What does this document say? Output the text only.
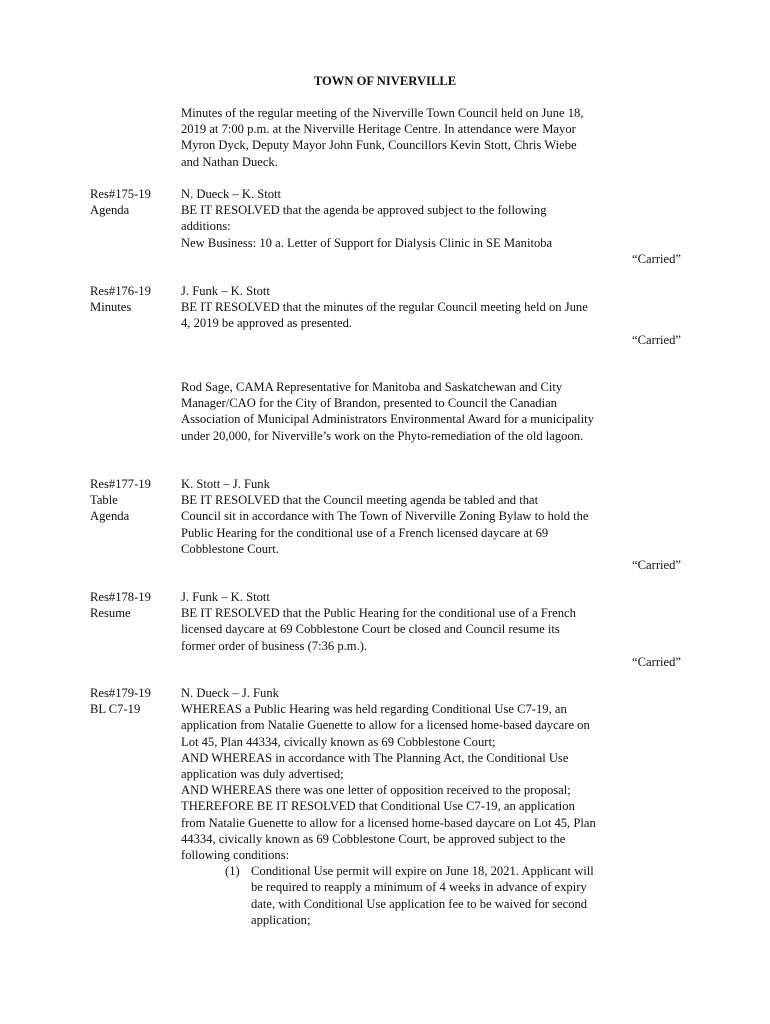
TOWN OF NIVERVILLE
Minutes of the regular meeting of the Niverville Town Council held on June 18,
2019 at 7:00 p.m. at the Niverville Heritage Centre. In attendance were Mayor
Myron Dyck, Deputy Mayor John Funk, Councillors Kevin Stott, Chris Wiebe
and Nathan Dueck.
Res#175-19
Agenda
N. Dueck – K. Stott
BE IT RESOLVED that the agenda be approved subject to the following
additions:
New Business: 10 a. Letter of Support for Dialysis Clinic in SE Manitoba
“Carried”
Res#176-19
Minutes
J. Funk – K. Stott
BE IT RESOLVED that the minutes of the regular Council meeting held on June
4, 2019 be approved as presented.
“Carried”
Rod Sage, CAMA Representative for Manitoba and Saskatchewan and City
Manager/CAO for the City of Brandon, presented to Council the Canadian
Association of Municipal Administrators Environmental Award for a municipality
under 20,000, for Niverville’s work on the Phyto-remediation of the old lagoon.
Res#177-19
Table
Agenda
K. Stott – J. Funk
BE IT RESOLVED that the Council meeting agenda be tabled and that
Council sit in accordance with The Town of Niverville Zoning Bylaw to hold the
Public Hearing for the conditional use of a French licensed daycare at 69
Cobblestone Court.
“Carried”
Res#178-19
Resume
J. Funk – K. Stott
BE IT RESOLVED that the Public Hearing for the conditional use of a French
licensed daycare at 69 Cobblestone Court be closed and Council resume its
former order of business (7:36 p.m.).
“Carried”
Res#179-19
BL C7-19
N. Dueck – J. Funk
WHEREAS a Public Hearing was held regarding Conditional Use C7-19, an
application from Natalie Guenette to allow for a licensed home-based daycare on
Lot 45, Plan 44334, civically known as 69 Cobblestone Court;
AND WHEREAS in accordance with The Planning Act, the Conditional Use
application was duly advertised;
AND WHEREAS there was one letter of opposition received to the proposal;
THEREFORE BE IT RESOLVED that Conditional Use C7-19, an application
from Natalie Guenette to allow for a licensed home-based daycare on Lot 45, Plan
44334, civically known as 69 Cobblestone Court, be approved subject to the
following conditions:
(1) Conditional Use permit will expire on June 18, 2021. Applicant will
be required to reapply a minimum of 4 weeks in advance of expiry
date, with Conditional Use application fee to be waived for second
application;
